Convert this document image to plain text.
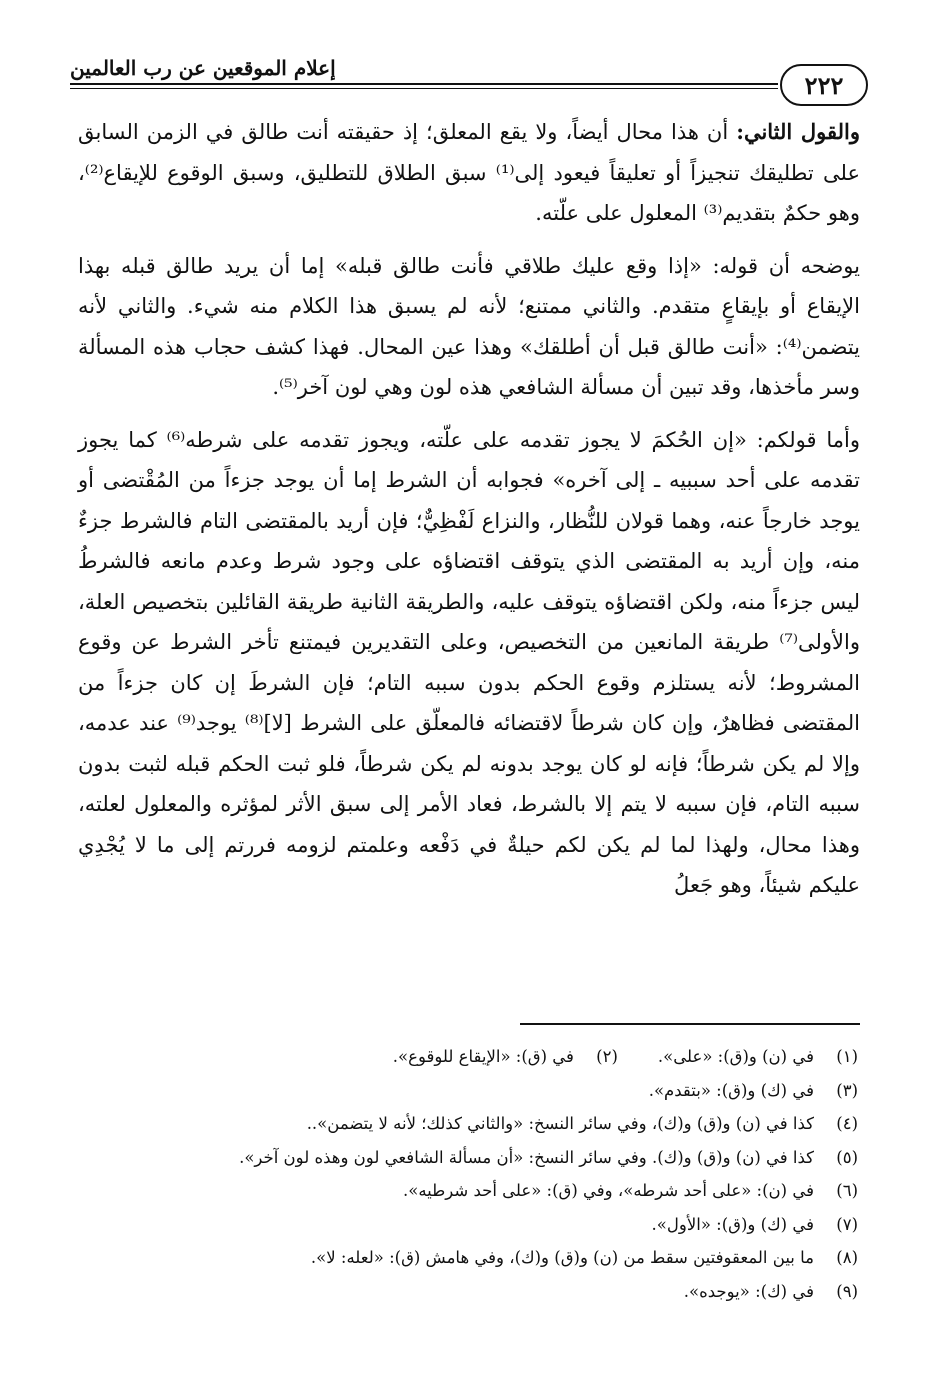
إعلام الموقعين عن رب العالمين
٢٢٢

والقول الثاني: أن هذا محال أيضاً، ولا يقع المعلق؛ إذ حقيقته أنت طالق في الزمن السابق على تطليقك تنجيزاً أو تعليقاً فيعود إلى⁽¹⁾ سبق الطلاق للتطليق، وسبق الوقوع للإيقاع⁽²⁾، وهو حكمٌ بتقديم⁽³⁾ المعلول على علّته.

يوضحه أن قوله: «إذا وقع عليك طلاقي فأنت طالق قبله» إما أن يريد طالق قبله بهذا الإيقاع أو بإيقاعٍ متقدم. والثاني ممتنع؛ لأنه لم يسبق هذا الكلام منه شيء. والثاني لأنه يتضمن⁽⁴⁾: «أنت طالق قبل أن أطلقك» وهذا عين المحال. فهذا كشف حجاب هذه المسألة وسر مأخذها، وقد تبين أن مسألة الشافعي هذه لون وهي لون آخر⁽⁵⁾.

وأما قولكم: «إن الحُكمَ لا يجوز تقدمه على علّته، ويجوز تقدمه على شرطه⁽⁶⁾ كما يجوز تقدمه على أحد سببيه ـ إلى آخره» فجوابه أن الشرط إما أن يوجد جزءاً من المُقْتضى أو يوجد خارجاً عنه، وهما قولان للنُّظار، والنزاع لَفْظِيٌّ؛ فإن أريد بالمقتضى التام فالشرط جزءٌ منه، وإن أريد به المقتضى الذي يتوقف اقتضاؤه على وجود شرط وعدم مانعه فالشرطُ ليس جزءاً منه، ولكن اقتضاؤه يتوقف عليه، والطريقة الثانية طريقة القائلين بتخصيص العلة، والأولى⁽⁷⁾ طريقة المانعين من التخصيص، وعلى التقديرين فيمتنع تأخر الشرط عن وقوع المشروط؛ لأنه يستلزم وقوع الحكم بدون سببه التام؛ فإن الشرطَ إن كان جزءاً من المقتضى فظاهرٌ، وإن كان شرطاً لاقتضائه فالمعلّق على الشرط [لا]⁽⁸⁾ يوجد⁽⁹⁾ عند عدمه، وإلا لم يكن شرطاً؛ فإنه لو كان يوجد بدونه لم يكن شرطاً، فلو ثبت الحكم قبله لثبت بدون سببه التام، فإن سببه لا يتم إلا بالشرط، فعاد الأمر إلى سبق الأثر لمؤثره والمعلول لعلته، وهذا محال، ولهذا لما لم يكن لكم حيلةٌ في دَفْعه وعلمتم لزومه فررتم إلى ما لا يُجْدِي عليكم شيئاً، وهو جَعلُ

(١)
في (ن) و(ق): «على».
(٢)
في (ق): «الإيقاع للوقوع».
(٣)
في (ك) و(ق): «بتقدم».
(٤)
كذا في (ن) و(ق) و(ك)، وفي سائر النسخ: «والثاني كذلك؛ لأنه لا يتضمن»..
(٥)
كذا في (ن) و(ق) و(ك). وفي سائر النسخ: «أن مسألة الشافعي لون وهذه لون آخر».
(٦)
في (ن): «على أحد شرطه»، وفي (ق): «على أحد شرطيه».
(٧)
في (ك) و(ق): «الأول».
(٨)
ما بين المعقوفتين سقط من (ن) و(ق) و(ك)، وفي هامش (ق): «لعله: لا».
(٩)
في (ك): «يوجده».
